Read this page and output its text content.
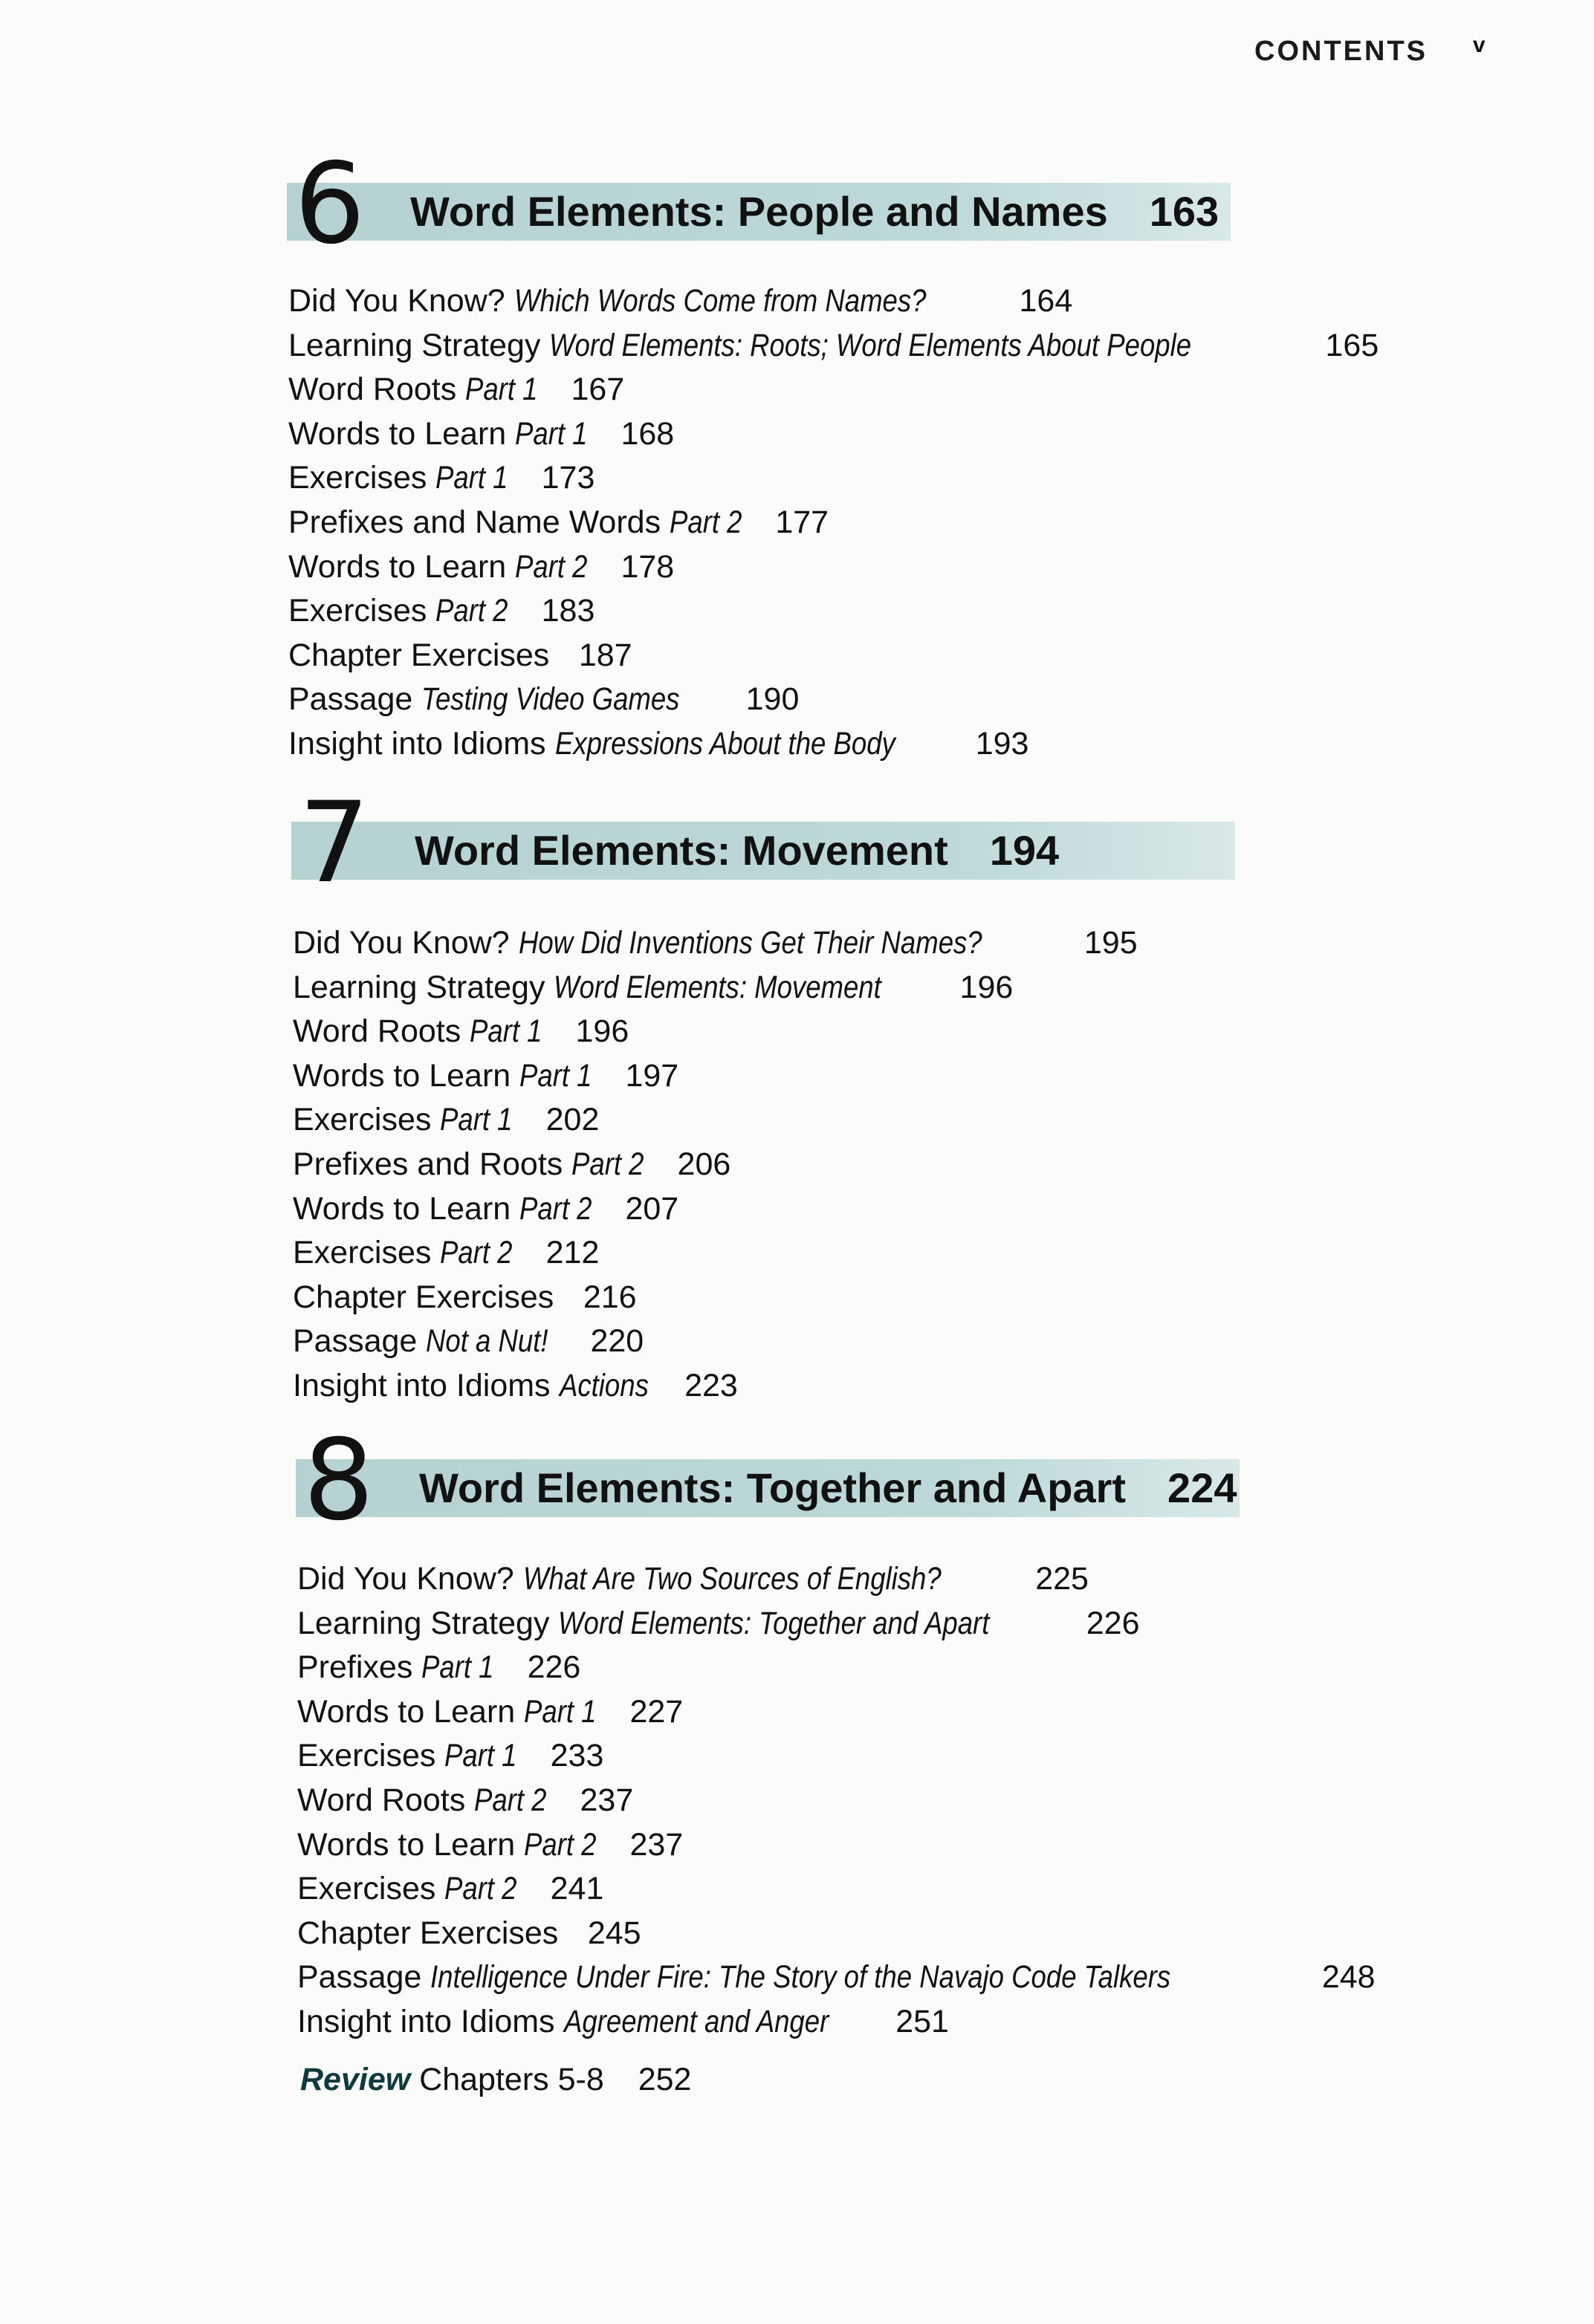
CONTENTS v
6 Word Elements: People and Names 163
Did You Know? Which Words Come from Names?	164
Learning Strategy Word Elements: Roots; Word Elements About People	165
Word Roots Part 1 167
Words to Learn Part 1 168
Exercises Part 1 173
Prefixes and Name Words Part 2 177
Words to Learn Part 2 178
Exercises Part 2 183
Chapter Exercises 187
Passage Testing Video Games 190
Insight into Idioms Expressions About the Body	193
7 Word Elements: Movement 194
Did You Know? How Did Inventions Get Their Names?	195
Learning Strategy Word Elements: Movement 196
Word Roots Part 1 196
Words to Learn Part 1 197
Exercises Part 1 202
Prefixes and Roots Part 2 206
Words to Learn Part 2 207
Exercises Part 2 212
Chapter Exercises 216
Passage Not a Nut! 220
Insight into Idioms Actions 223
8 Word Elements: Together and Apart 224
Did You Know? What Are Two Sources of English?	225
Learning Strategy Word Elements: Together and Apart	226
Prefixes Part 1 226
Words to Learn Part 1 227
Exercises Part 1 233
Word Roots Part 2 237
Words to Learn Part 2 237
Exercises Part 2 241
Chapter Exercises 245
Passage Intelligence Under Fire: The Story of the Navajo Code Talkers	248
Insight into Idioms Agreement and Anger 251
Review Chapters 5-8 252
